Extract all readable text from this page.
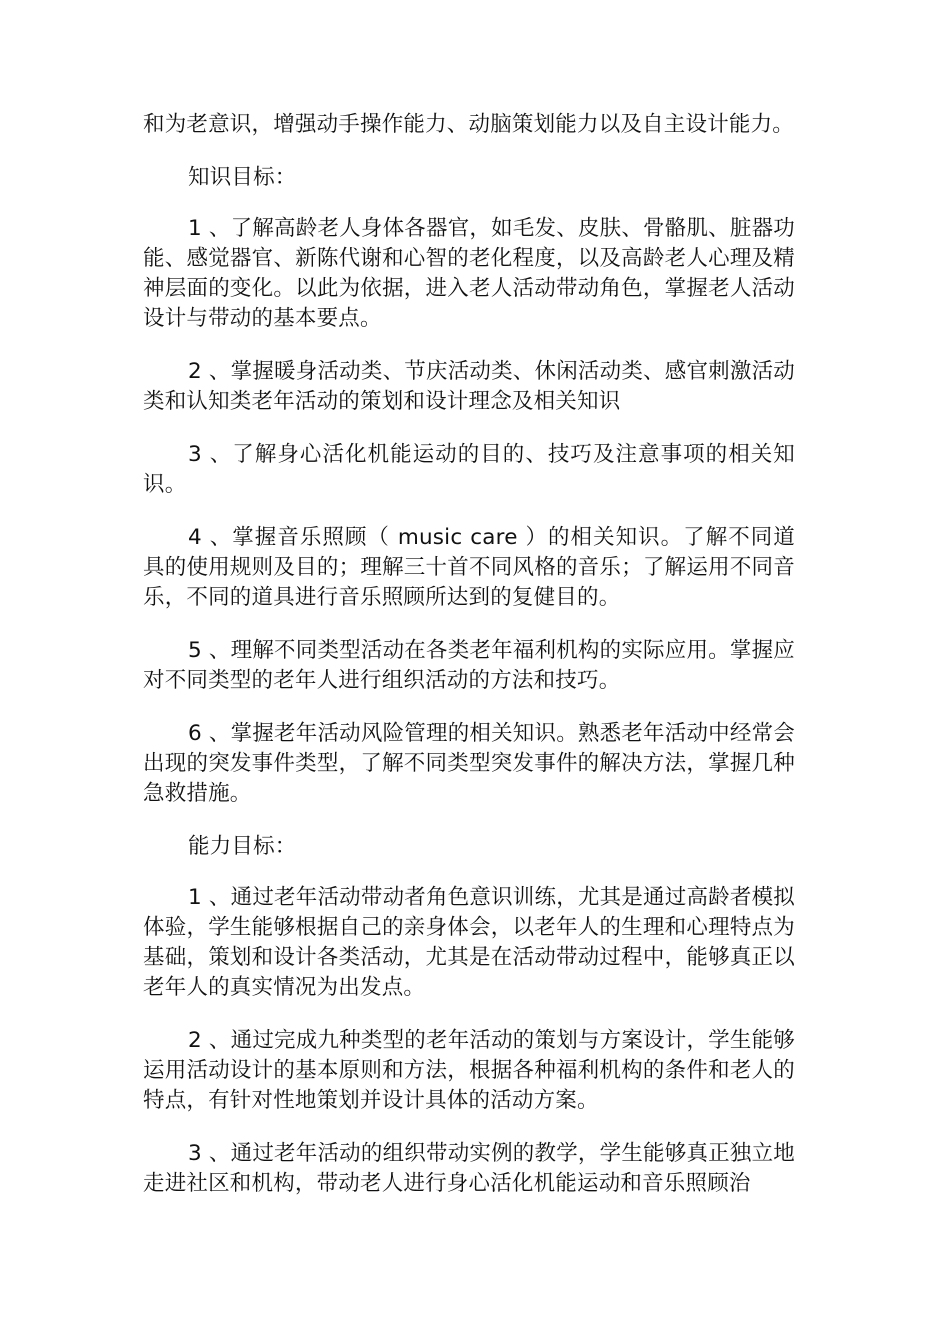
和为老意识，增强动手操作能力、动脑策划能力以及自主设计能力。

知识目标：

1 、了解高龄老人身体各器官，如毛发、皮肤、骨骼肌、脏器功能、感觉器官、新陈代谢和心智的老化程度，以及高龄老人心理及精神层面的变化。以此为依据，进入老人活动带动角色，掌握老人活动设计与带动的基本要点。

2 、掌握暖身活动类、节庆活动类、休闲活动类、感官刺激活动类和认知类老年活动的策划和设计理念及相关知识

3 、了解身心活化机能运动的目的、技巧及注意事项的相关知识。

4 、掌握音乐照顾（ music care ）的相关知识。了解不同道具的使用规则及目的；理解三十首不同风格的音乐；了解运用不同音乐，不同的道具进行音乐照顾所达到的复健目的。

5 、理解不同类型活动在各类老年福利机构的实际应用。掌握应对不同类型的老年人进行组织活动的方法和技巧。

6 、掌握老年活动风险管理的相关知识。熟悉老年活动中经常会出现的突发事件类型，了解不同类型突发事件的解决方法，掌握几种急救措施。

能力目标：

1 、通过老年活动带动者角色意识训练，尤其是通过高龄者模拟体验，学生能够根据自己的亲身体会，以老年人的生理和心理特点为基础，策划和设计各类活动，尤其是在活动带动过程中，能够真正以老年人的真实情况为出发点。

2 、通过完成九种类型的老年活动的策划与方案设计，学生能够运用活动设计的基本原则和方法，根据各种福利机构的条件和老人的特点，有针对性地策划并设计具体的活动方案。

3 、通过老年活动的组织带动实例的教学，学生能够真正独立地走进社区和机构，带动老人进行身心活化机能运动和音乐照顾治
